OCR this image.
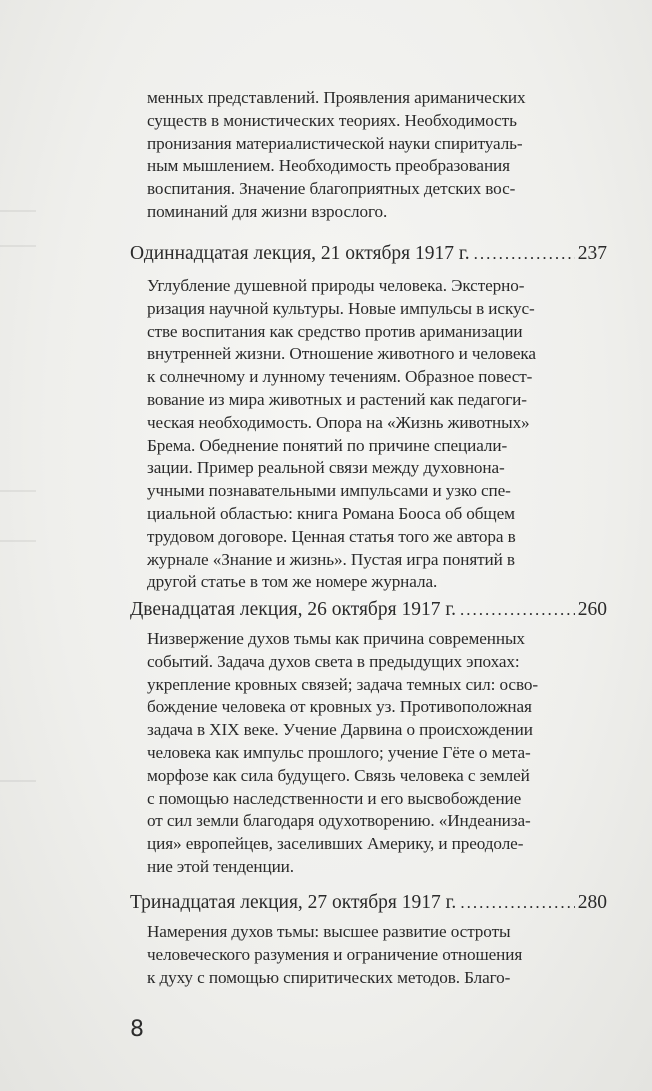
менных представлений. Проявления ариманических
существ в монистических теориях. Необходимость
пронизания материалистической науки спиритуаль-
ным мышлением. Необходимость преобразования
воспитания. Значение благоприятных детских вос-
поминаний для жизни взрослого.
Одиннадцатая лекция, 21 октября 1917 г. .....	237
Углубление душевной природы человека. Экстерно-
ризация научной культуры. Новые импульсы в искус-
стве воспитания как средство против ариманизации
внутренней жизни. Отношение животного и человека
к солнечному и лунному течениям. Образное повест-
вование из мира животных и растений как педагоги-
ческая необходимость. Опора на «Жизнь животных»
Брема. Обеднение понятий по причине специали-
зации. Пример реальной связи между духовнона-
учными познавательными импульсами и узко спе-
циальной областью: книга Романа Бооса об общем
трудовом договоре. Ценная статья того же автора в
журнале «Знание и жизнь». Пустая игра понятий в
другой статье в том же номере журнала.
Двенадцатая лекция, 26 октября 1917 г. .....	260
Низвержение духов тьмы как причина современных
событий. Задача духов света в предыдущих эпохах:
укрепление кровных связей; задача темных сил: осво-
бождение человека от кровных уз. Противоположная
задача в XIX веке. Учение Дарвина о происхождении
человека как импульс прошлого; учение Гёте о мета-
морфозе как сила будущего. Связь человека с землей
с помощью наследственности и его высвобождение
от сил земли благодаря одухотворению. «Индеаниза-
ция» европейцев, заселивших Америку, и преодоле-
ние этой тенденции.
Тринадцатая лекция, 27 октября 1917 г. .....	280
Намерения духов тьмы: высшее развитие остроты
человеческого разумения и ограничение отношения
к духу с помощью спиритических методов. Благо-
8
